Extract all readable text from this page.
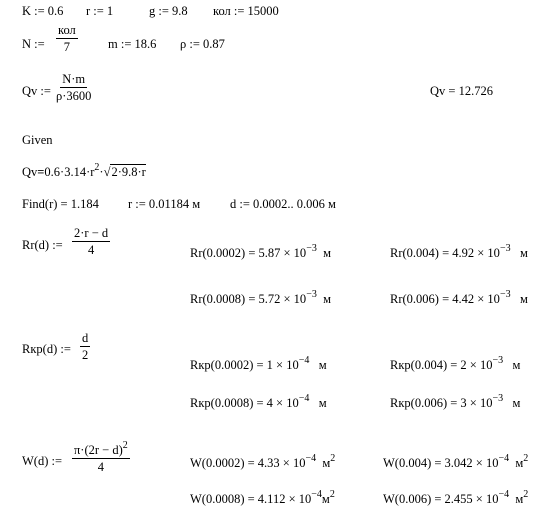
K := 0.6 r := 1	g := 9.8 кол := 15000
N :=
кол
7	m := 18.6 ρ := 0.87
Qv := $\frac{N\cdot m}{\rho\cdot 3600}$	Qv = 12.726
Given
$Qv=0.6\cdot 3.14\cdot r^2\cdot√2\cdot 9.8\cdot r$
Find(r) = 1.184 r := 0.01184 м d := 0.0002.. 0.006 м
Rr(d) := $\frac{2\cdot r - d}{4}$	$Rr(0.0002) = 5.87 \times 10^{-3}$ м	$Rr(0.004) = 4.92 \times 10^{-3}$ м
$Rr(0.0008) = 5.72 \times 10^{-3}$ м	$Rr(0.006) = 4.42 \times 10^{-3}$ м
Rкр(d) := $\frac{d}{2}$
$Rкр(0.0002) = 1 \times 10^{-4}$ м	$Rкр(0.004) = 2 \times 10^{-3}$ м
$Rкр(0.0008) = 4 \times 10^{-4}$ м	$Rкр(0.006) = 3 \times 10^{-3}$ м
W(d) := $\frac{\pi\cdot(2r - d)^2}{4}$	$W(0.0002) = 4.33 \times 10^{-4}$ $м^2$	$W(0.004) = 3.042 \times 10^{-4}$ $м^2$
$W(0.0008) = 4.112 \times 10^{-4}м^2$	$W(0.006) = 2.455 \times 10^{-4}$ $м^2$
